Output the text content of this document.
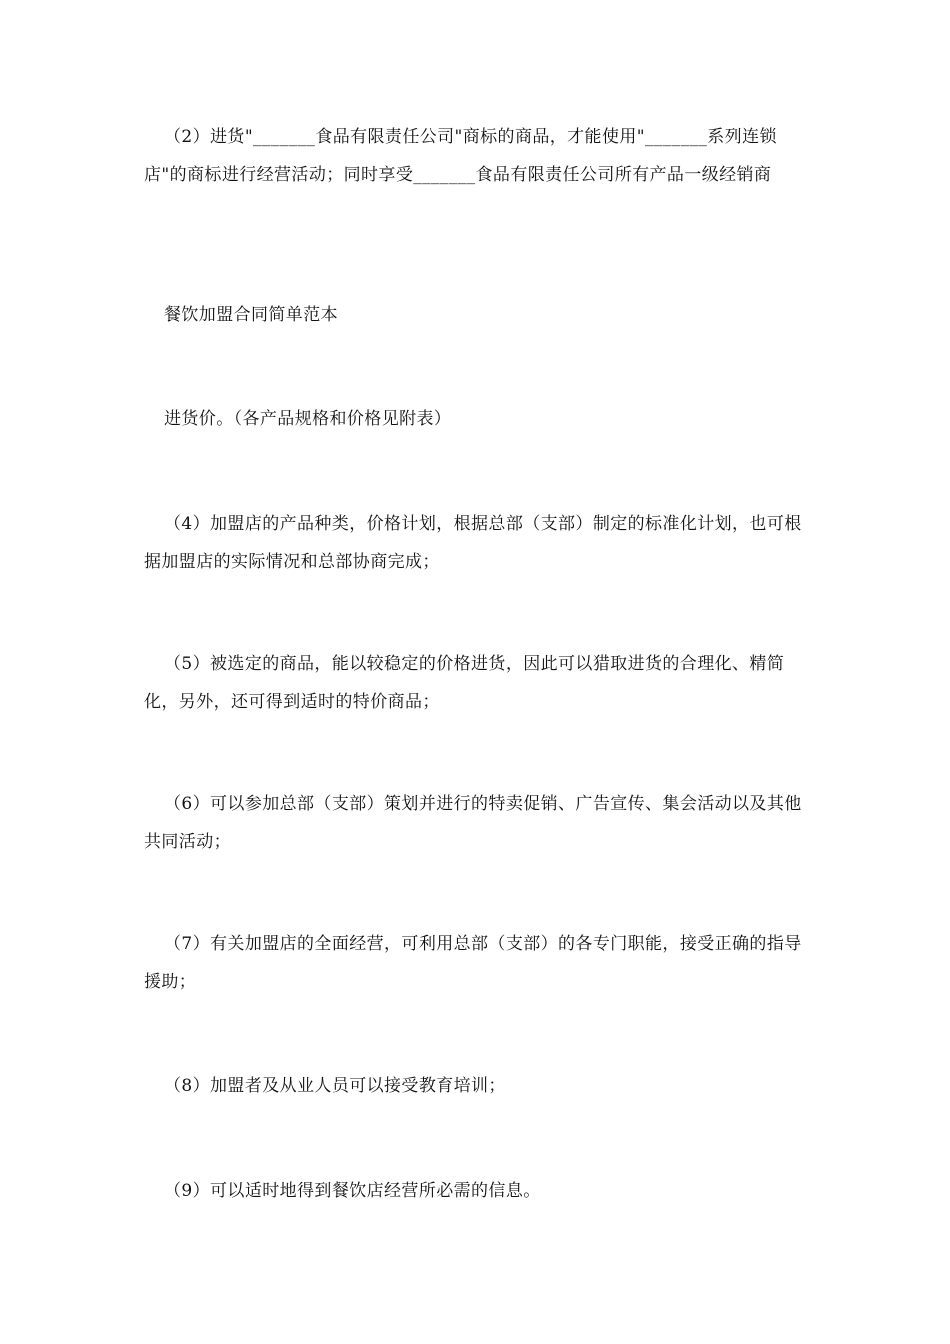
（2）进货"_______食品有限责任公司"商标的商品，才能使用"_______系列连锁店"的商标进行经营活动；同时享受_______食品有限责任公司所有产品一级经销商

餐饮加盟合同简单范本

进货价。（各产品规格和价格见附表）

（4）加盟店的产品种类，价格计划，根据总部（支部）制定的标准化计划，也可根据加盟店的实际情况和总部协商完成；

（5）被选定的商品，能以较稳定的价格进货，因此可以猎取进货的合理化、精简化，另外，还可得到适时的特价商品；

（6）可以参加总部（支部）策划并进行的特卖促销、广告宣传、集会活动以及其他共同活动；

（7）有关加盟店的全面经营，可利用总部（支部）的各专门职能，接受正确的指导援助；

（8）加盟者及从业人员可以接受教育培训；

（9）可以适时地得到餐饮店经营所必需的信息。
